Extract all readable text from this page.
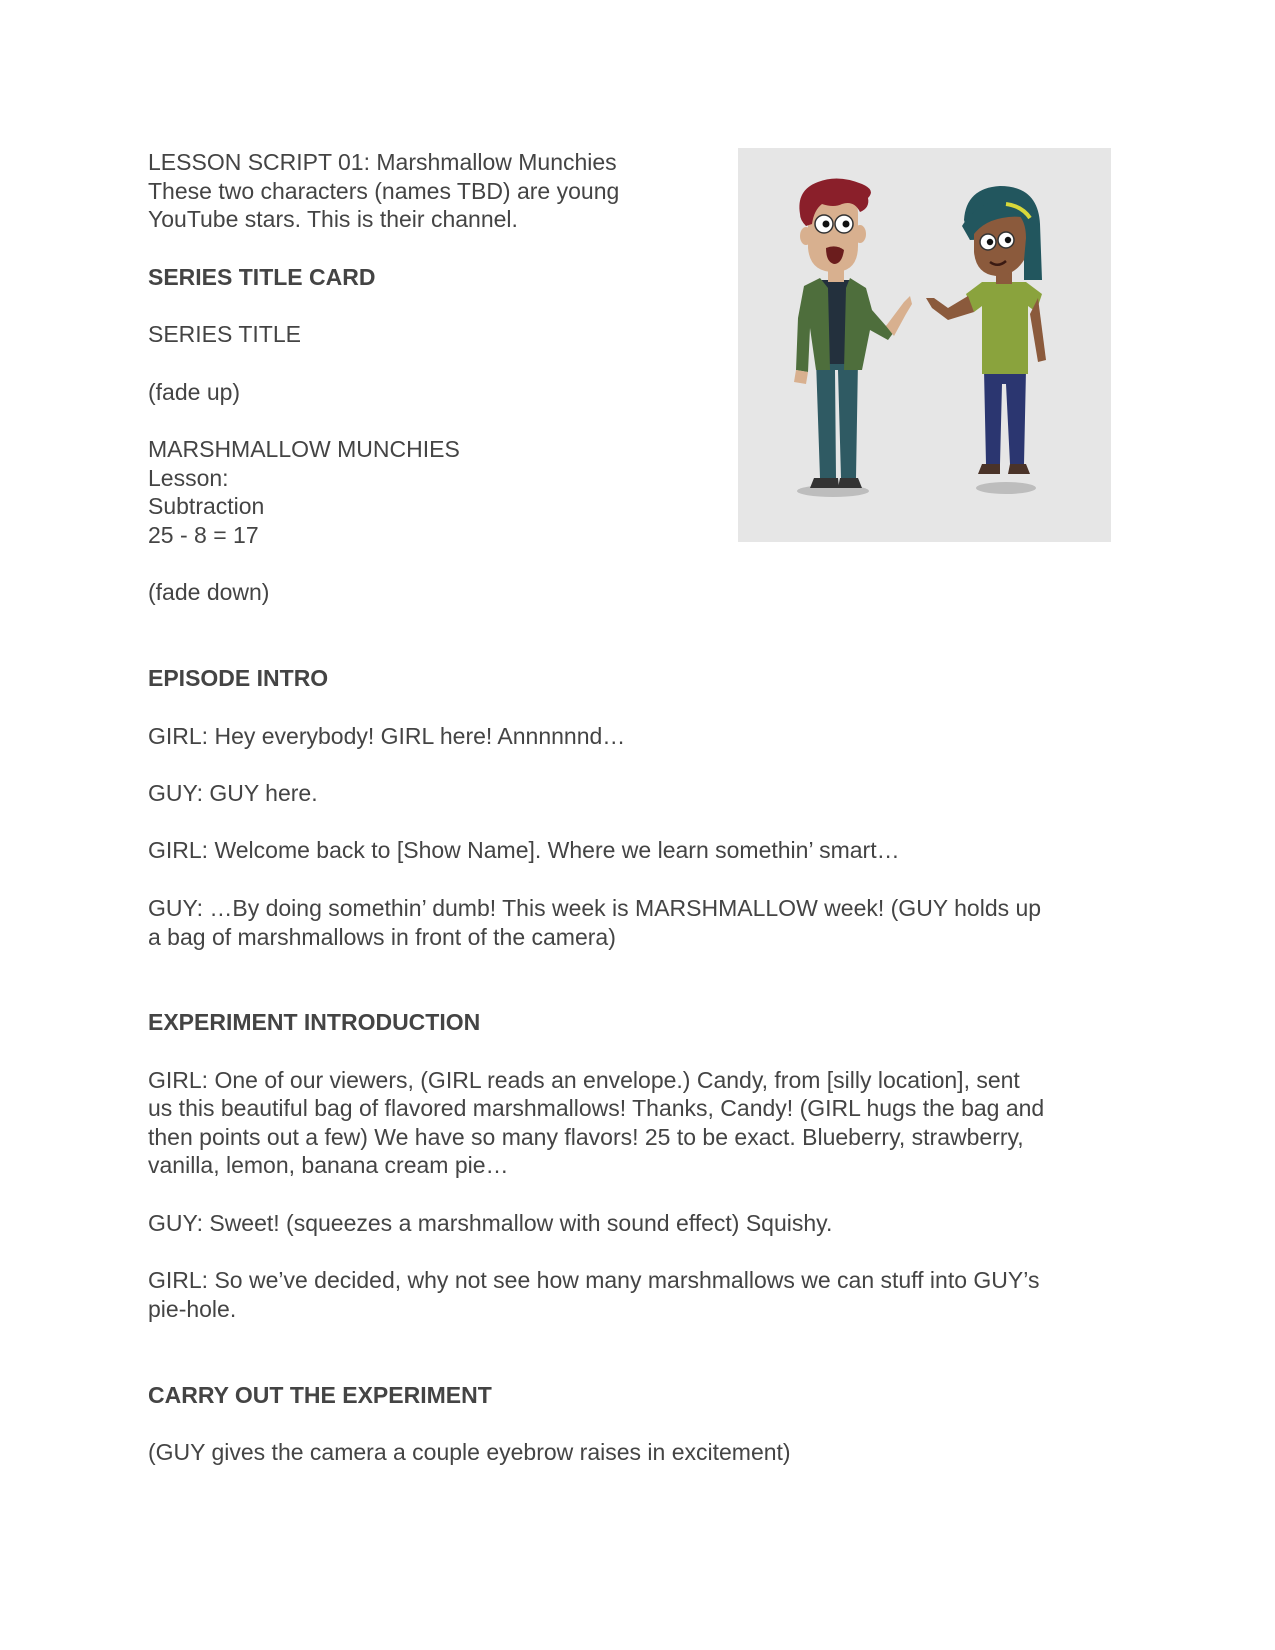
LESSON SCRIPT 01: Marshmallow Munchies

These two characters (names TBD) are young

YouTube stars. This is their channel.

SERIES TITLE CARD

SERIES TITLE

(fade up)

MARSHMALLOW MUNCHIES

Lesson:

Subtraction

25 - 8 = 17

(fade down)

EPISODE INTRO

GIRL: Hey everybody! GIRL here! Annnnnnd…

GUY: GUY here.

GIRL: Welcome back to [Show Name]. Where we learn somethin’ smart…

GUY: …By doing somethin’ dumb! This week is MARSHMALLOW week! (GUY holds up

a bag of marshmallows in front of the camera)

EXPERIMENT INTRODUCTION

GIRL: One of our viewers, (GIRL reads an envelope.) Candy, from [silly location], sent

us this beautiful bag of flavored marshmallows! Thanks, Candy! (GIRL hugs the bag and

then points out a few) We have so many flavors! 25 to be exact. Blueberry, strawberry,

vanilla, lemon, banana cream pie…

GUY: Sweet! (squeezes a marshmallow with sound effect) Squishy.

GIRL: So we’ve decided, why not see how many marshmallows we can stuff into GUY’s

pie-hole.

CARRY OUT THE EXPERIMENT

(GUY gives the camera a couple eyebrow raises in excitement)
